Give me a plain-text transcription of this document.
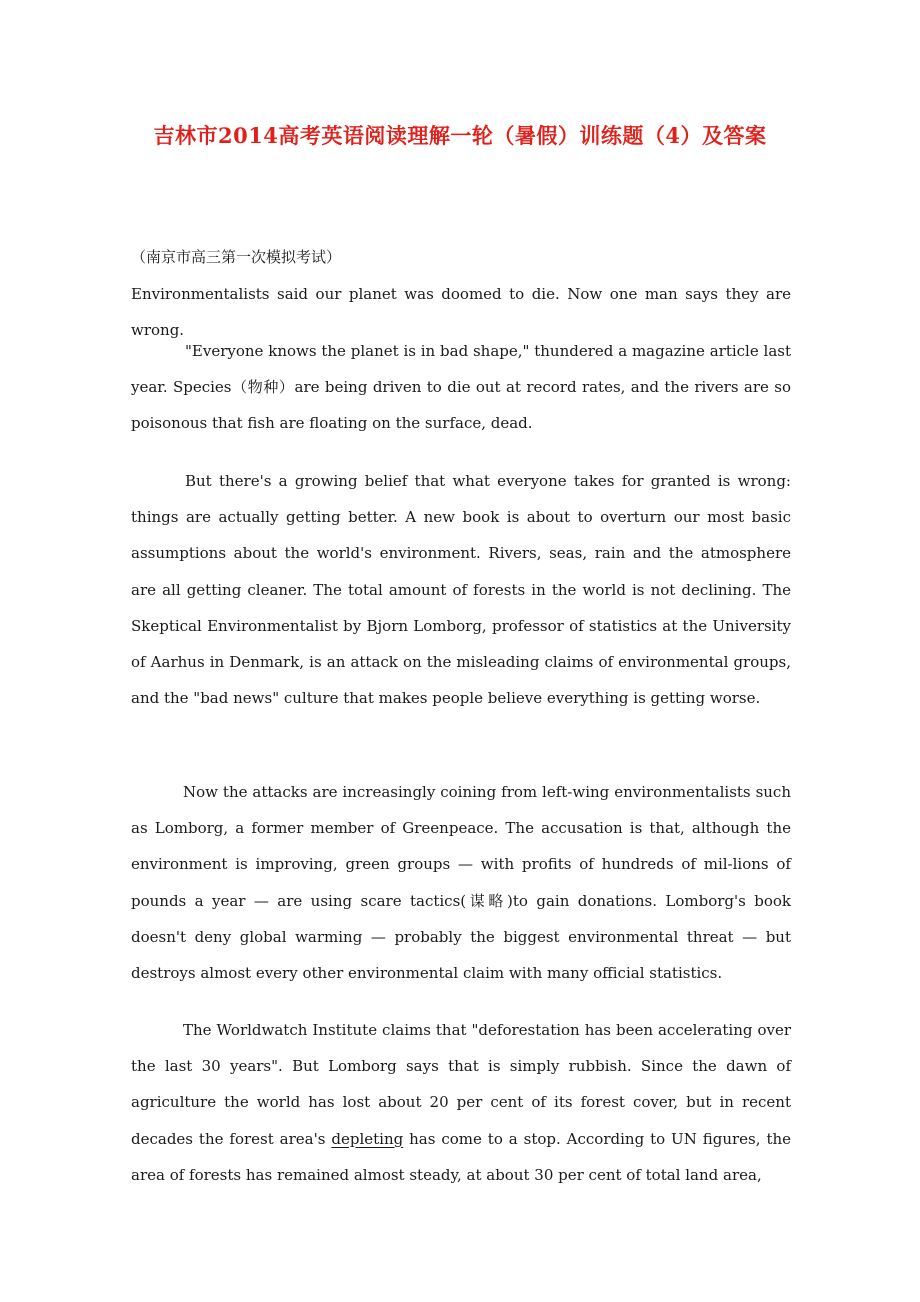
吉林市2014高考英语阅读理解一轮（暑假）训练题（4）及答案
（南京市高三第一次模拟考试）
Environmentalists said our planet was doomed to die. Now one man says they are wrong.
"Everyone knows the planet is in bad shape," thundered a magazine article last year. Species（物种）are being driven to die out at record rates, and the rivers are so poisonous that fish are floating on the surface, dead.
But there's a growing belief that what everyone takes for granted is wrong: things are actually getting better. A new book is about to overturn our most basic assumptions about the world's environment. Rivers, seas, rain and the atmosphere are all getting cleaner. The total amount of forests in the world is not declining. The Skeptical Environmentalist by Bjorn Lomborg, professor of statistics at the University of Aarhus in Denmark, is an attack on the misleading claims of environmental groups, and the "bad news" culture that makes people believe everything is getting worse.
Now the attacks are increasingly coining from left-wing environmentalists such as Lomborg, a former member of Greenpeace. The accusation is that, although the environment is improving, green groups — with profits of hundreds of mil-lions of pounds a year — are using scare tactics(谋略)to gain donations. Lomborg's book doesn't deny global warming — probably the biggest environmental threat — but destroys almost every other environmental claim with many official statistics.
The Worldwatch Institute claims that "deforestation has been accelerating over the last 30 years". But Lomborg says that is simply rubbish. Since the dawn of agriculture the world has lost about 20 per cent of its forest cover, but in recent decades the forest area's depleting has come to a stop. According to UN figures, the area of forests has remained almost steady, at about 30 per cent of total land area,
